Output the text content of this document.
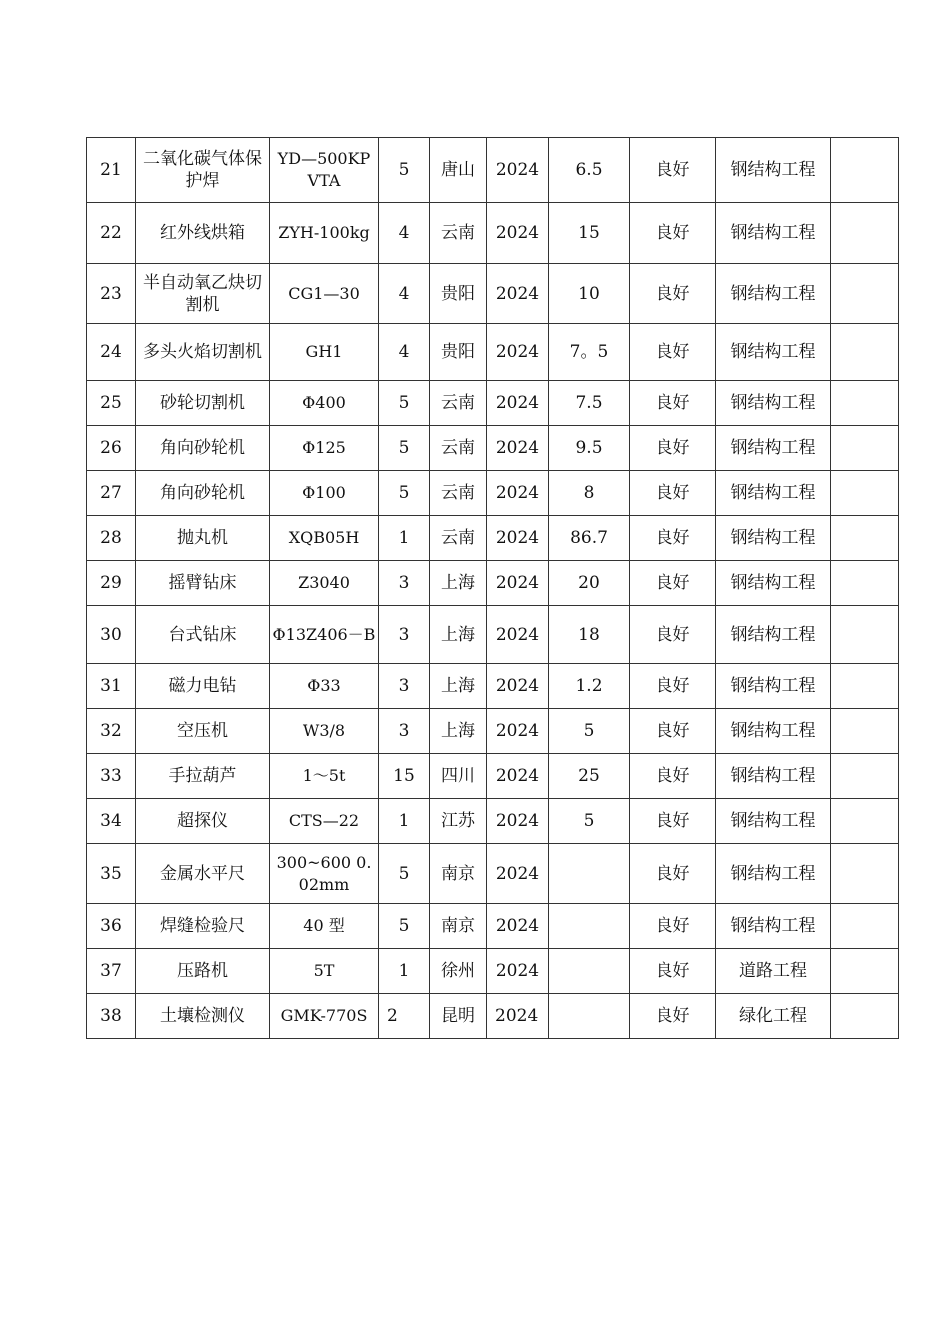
21	二氧化碳气体保护焊	YD—500KPVTA	5	唐山	2024	6.5	良好	钢结构工程	
22	红外线烘箱	ZYH-100kg	4	云南	2024	15	良好	钢结构工程	
23	半自动氧乙炔切割机	CG1—30	4	贵阳	2024	10	良好	钢结构工程	
24	多头火焰切割机	GH1	4	贵阳	2024	7。5	良好	钢结构工程	
25	砂轮切割机	Φ400	5	云南	2024	7.5	良好	钢结构工程	
26	角向砂轮机	Φ125	5	云南	2024	9.5	良好	钢结构工程	
27	角向砂轮机	Φ100	5	云南	2024	8	良好	钢结构工程	
28	抛丸机	XQB05H	1	云南	2024	86.7	良好	钢结构工程	
29	摇臂钻床	Z3040	3	上海	2024	20	良好	钢结构工程	
30	台式钻床	Φ13Z406－B	3	上海	2024	18	良好	钢结构工程	
31	磁力电钻	Φ33	3	上海	2024	1.2	良好	钢结构工程	
32	空压机	W3/8	3	上海	2024	5	良好	钢结构工程	
33	手拉葫芦	1～5t	15	四川	2024	25	良好	钢结构工程	
34	超探仪	CTS—22	1	江苏	2024	5	良好	钢结构工程	
35	金属水平尺	300~600 0.02mm	5	南京	2024		良好	钢结构工程	
36	焊缝检验尺	40 型	5	南京	2024		良好	钢结构工程	
37	压路机	5T	1	徐州	2024		良好	道路工程	
38	土壤检测仪	GMK-770S	2	昆明	2024		良好	绿化工程	
